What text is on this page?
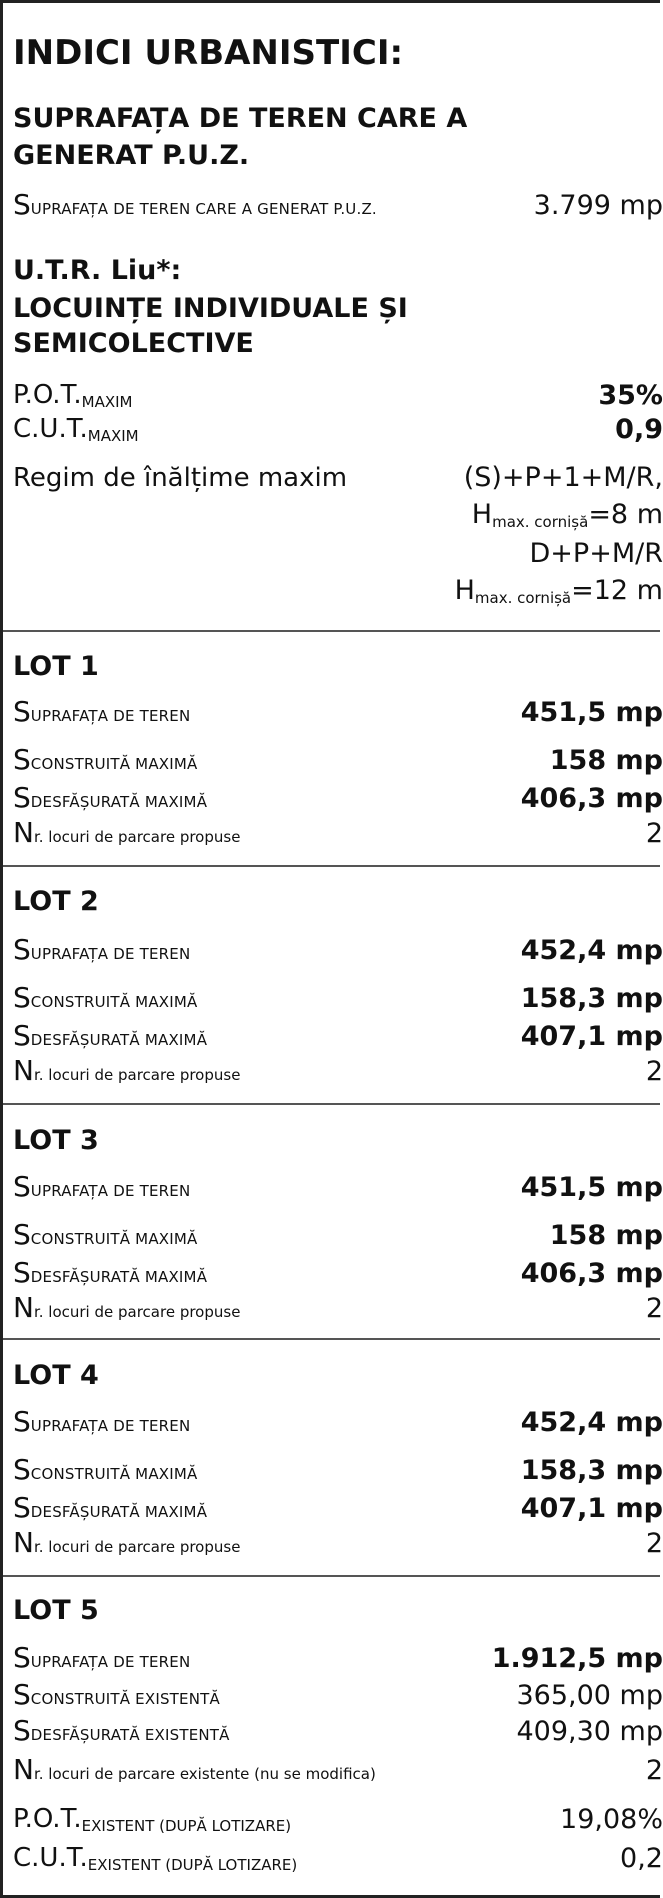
INDICI URBANISTICI:
SUPRAFAȚA DE TEREN CARE A
GENERAT P.U.Z.
SUPRAFAȚA DE TEREN CARE A GENERAT P.U.Z.	3.799 mp
U.T.R. Liu*:
LOCUINȚE INDIVIDUALE ȘI
SEMICOLECTIVE
$P.O.T._{MAXIM}$	35%
$C.U.T._{MAXIM}$	0,9
Regim de înălțime maxim	(S)+P+1+M/R,
$H_{max. cornișă}=8$ m
D+P+M/R
$H_{max. cornișă}=12$ m
LOT 1
SUPRAFAȚA DE TEREN	451,5 mp
SCONSTRUITĂ MAXIMĂ	158 mp
SDESFĂȘURATĂ MAXIMĂ	406,3 mp
Nr. locuri de parcare propuse	2
LOT 2
SUPRAFAȚA DE TEREN	452,4 mp
SCONSTRUITĂ MAXIMĂ	158,3 mp
SDESFĂȘURATĂ MAXIMĂ	407,1 mp
Nr. locuri de parcare propuse	2
LOT 3
SUPRAFAȚA DE TEREN	451,5 mp
SCONSTRUITĂ MAXIMĂ	158 mp
SDESFĂȘURATĂ MAXIMĂ	406,3 mp
Nr. locuri de parcare propuse	2
LOT 4
SUPRAFAȚA DE TEREN	452,4 mp
SCONSTRUITĂ MAXIMĂ	158,3 mp
SDESFĂȘURATĂ MAXIMĂ	407,1 mp
Nr. locuri de parcare propuse	2
LOT 5
SUPRAFAȚA DE TEREN	1.912,5 mp
SCONSTRUITĂ EXISTENTĂ	365,00 mp
SDESFĂȘURATĂ EXISTENTĂ	409,30 mp
Nr. locuri de parcare existente (nu se modifica)	2
$P.O.T._{EXISTENT (DUPĂ LOTIZARE)}$	19,08%
$C.U.T._{EXISTENT (DUPĂ LOTIZARE)}$	0,2
